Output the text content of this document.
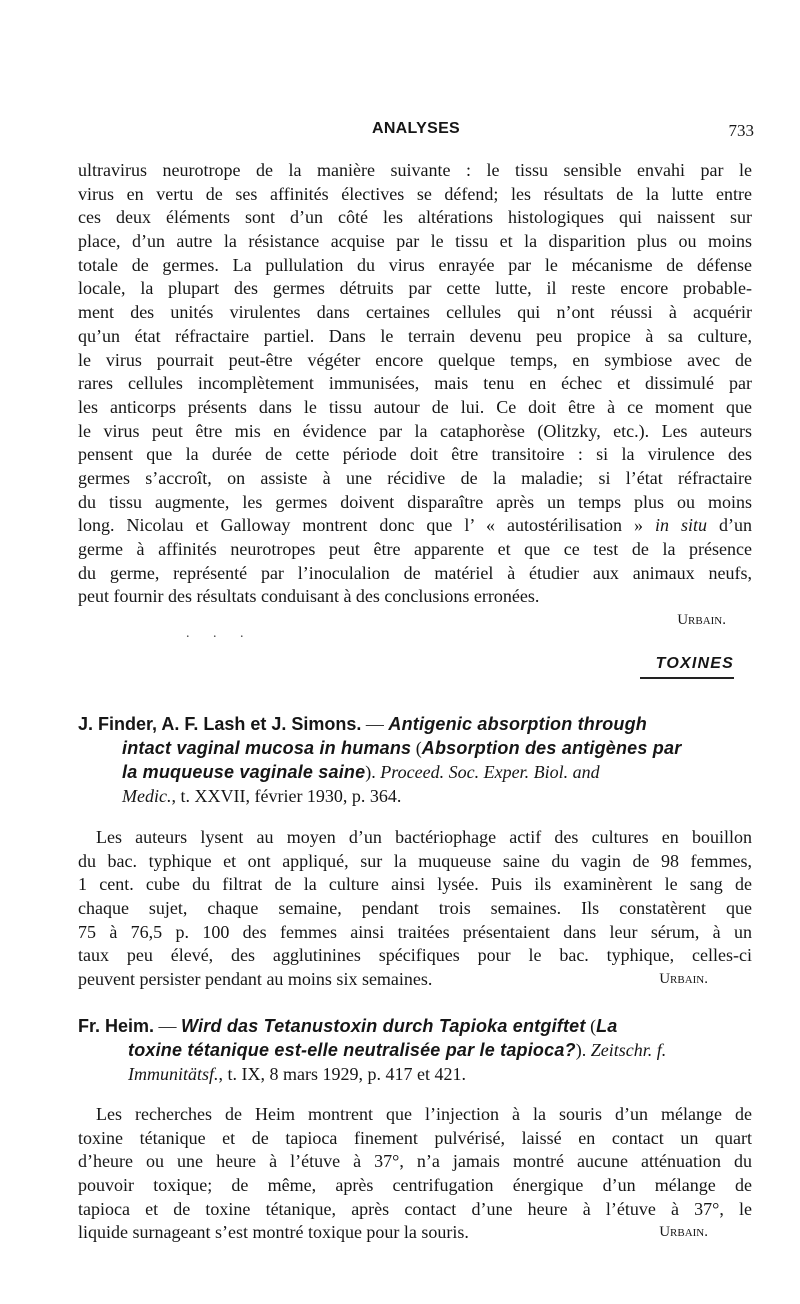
ANALYSES	733
ultravirus neurotrope de la manière suivante : le tissu sensible envahi par le
virus en vertu de ses affinités électives se défend; les résultats de la lutte entre
ces deux éléments sont d’un côté les altérations histologiques qui naissent sur
place, d’un autre la résistance acquise par le tissu et la disparition plus ou moins
totale de germes. La pullulation du virus enrayée par le mécanisme de défense
locale, la plupart des germes détruits par cette lutte, il reste encore probable-
ment des unités virulentes dans certaines cellules qui n’ont réussi à acquérir
qu’un état réfractaire partiel. Dans le terrain devenu peu propice à sa culture,
le virus pourrait peut-être végéter encore quelque temps, en symbiose avec de
rares cellules incomplètement immunisées, mais tenu en échec et dissimulé par
les anticorps présents dans le tissu autour de lui. Ce doit être à ce moment que
le virus peut être mis en évidence par la cataphorèse (Olitzky, etc.). Les auteurs
pensent que la durée de cette période doit être transitoire : si la virulence des
germes s’accroît, on assiste à une récidive de la maladie; si l’état réfractaire
du tissu augmente, les germes doivent disparaître après un temps plus ou moins
long. Nicolau et Galloway montrent donc que l’ « autostérilisation » in situ d’un
germe à affinités neurotropes peut être apparente et que ce test de la présence
du germe, représenté par l’inoculalion de matériel à étudier aux animaux neufs,
peut fournir des résultats conduisant à des conclusions erronées.
Urbain.
. . .
TOXINES
J. Finder, A. F. Lash et J. Simons. — Antigenic absorption through
intact vaginal mucosa in humans (Absorption des antigènes par
la muqueuse vaginale saine). Proceed. Soc. Exper. Biol. and
Medic., t. XXVII, février 1930, p. 364.
Les auteurs lysent au moyen d’un bactériophage actif des cultures en bouillon
du bac. typhique et ont appliqué, sur la muqueuse saine du vagin de 98 femmes,
1 cent. cube du filtrat de la culture ainsi lysée. Puis ils examinèrent le sang de
chaque sujet, chaque semaine, pendant trois semaines. Ils constatèrent que
75 à 76,5 p. 100 des femmes ainsi traitées présentaient dans leur sérum, à un
taux peu élevé, des agglutinines spécifiques pour le bac. typhique, celles-ci
peuvent persister pendant au moins six semaines.	Urbain.
Fr. Heim. — Wird das Tetanustoxin durch Tapioka entgiftet (La
toxine tétanique est-elle neutralisée par le tapioca?). Zeitschr. f.
Immunitätsf., t. IX, 8 mars 1929, p. 417 et 421.
Les recherches de Heim montrent que l’injection à la souris d’un mélange de
toxine tétanique et de tapioca finement pulvérisé, laissé en contact un quart
d’heure ou une heure à l’étuve à 37°, n’a jamais montré aucune atténuation du
pouvoir toxique; de même, après centrifugation énergique d’un mélange de
tapioca et de toxine tétanique, après contact d’une heure à l’étuve à 37°, le
liquide surnageant s’est montré toxique pour la souris.	Urbain.
